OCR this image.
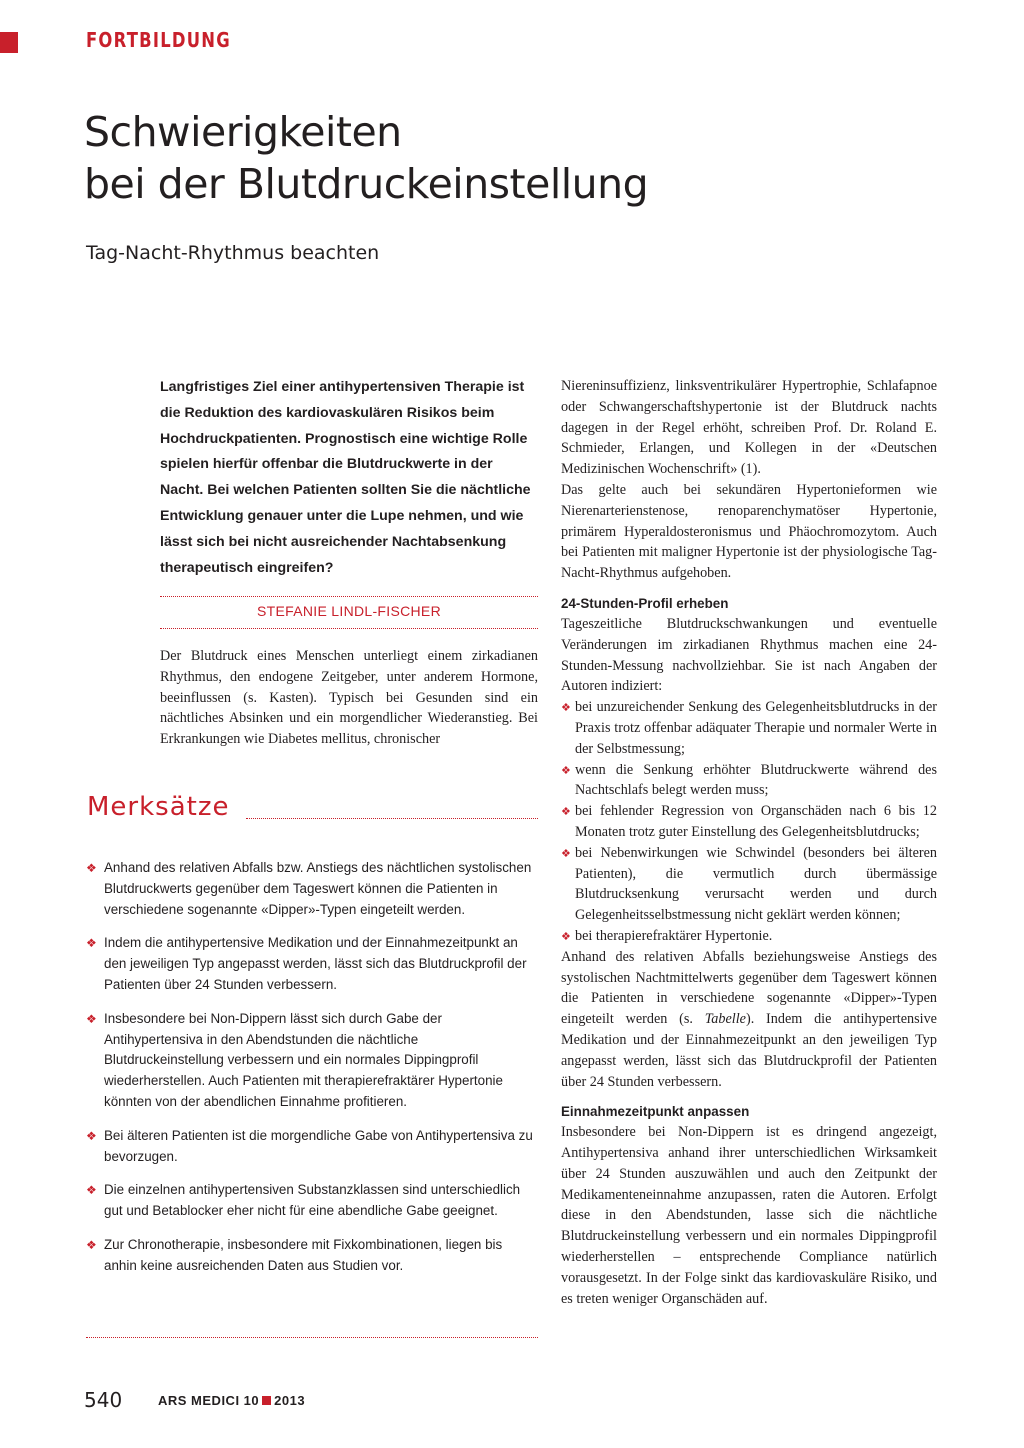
FORTBILDUNG
Schwierigkeiten
bei der Blutdruckeinstellung
Tag-Nacht-Rhythmus beachten

Langfristiges Ziel einer antihypertensiven Therapie ist die Reduktion des kardiovaskulären Risikos beim Hochdruckpatienten. Prognostisch eine wichtige Rolle spielen hierfür offenbar die Blutdruckwerte in der Nacht. Bei welchen Patienten sollten Sie die nächtliche Entwicklung genauer unter die Lupe nehmen, und wie lässt sich bei nicht ausreichender Nachtabsenkung therapeutisch eingreifen?

STEFANIE LINDL-FISCHER

Der Blutdruck eines Menschen unterliegt einem zirkadianen Rhythmus, den endogene Zeitgeber, unter anderem Hormone, beeinflussen (s. Kasten). Typisch bei Gesunden sind ein nächtliches Absinken und ein morgendlicher Wiederanstieg. Bei Erkrankungen wie Diabetes mellitus, chronischer

Merksätze
❖ Anhand des relativen Abfalls bzw. Anstiegs des nächtlichen systolischen Blutdruckwerts gegenüber dem Tageswert können die Patienten in verschiedene sogenannte «Dipper»-Typen eingeteilt werden.
❖ Indem die antihypertensive Medikation und der Einnahmezeitpunkt an den jeweiligen Typ angepasst werden, lässt sich das Blutdruckprofil der Patienten über 24 Stunden verbessern.
❖ Insbesondere bei Non-Dippern lässt sich durch Gabe der Antihypertensiva in den Abendstunden die nächtliche Blutdruckeinstellung verbessern und ein normales Dippingprofil wiederherstellen. Auch Patienten mit therapierefraktärer Hypertonie könnten von der abendlichen Einnahme profitieren.
❖ Bei älteren Patienten ist die morgendliche Gabe von Antihypertensiva zu bevorzugen.
❖ Die einzelnen antihypertensiven Substanzklassen sind unterschiedlich gut und Betablocker eher nicht für eine abendliche Gabe geeignet.
❖ Zur Chronotherapie, insbesondere mit Fixkombinationen, liegen bis anhin keine ausreichenden Daten aus Studien vor.

Niereninsuffizienz, linksventrikulärer Hypertrophie, Schlafapnoe oder Schwangerschaftshypertonie ist der Blutdruck nachts dagegen in der Regel erhöht, schreiben Prof. Dr. Roland E. Schmieder, Erlangen, und Kollegen in der «Deutschen Medizinischen Wochenschrift» (1).

Das gelte auch bei sekundären Hypertonieformen wie Nierenarterienstenose, renoparenchymatöser Hypertonie, primärem Hyperaldosteronismus und Phäochromozytom. Auch bei Patienten mit maligner Hypertonie ist der physiologische Tag-Nacht-Rhythmus aufgehoben.

24-Stunden-Profil erheben

Tageszeitliche Blutdruckschwankungen und eventuelle Veränderungen im zirkadianen Rhythmus machen eine 24-Stunden-Messung nachvollziehbar. Sie ist nach Angaben der Autoren indiziert:

❖ bei unzureichender Senkung des Gelegenheitsblutdrucks in der Praxis trotz offenbar adäquater Therapie und normaler Werte in der Selbstmessung;
❖ wenn die Senkung erhöhter Blutdruckwerte während des Nachtschlafs belegt werden muss;
❖ bei fehlender Regression von Organschäden nach 6 bis 12 Monaten trotz guter Einstellung des Gelegenheitsblutdrucks;
❖ bei Nebenwirkungen wie Schwindel (besonders bei älteren Patienten), die vermutlich durch übermässige Blutdrucksenkung verursacht werden und durch Gelegenheitsselbstmessung nicht geklärt werden können;
❖ bei therapierefraktärer Hypertonie.

Anhand des relativen Abfalls beziehungsweise Anstiegs des systolischen Nachtmittelwerts gegenüber dem Tageswert können die Patienten in verschiedene sogenannte «Dipper»-Typen eingeteilt werden (s. Tabelle). Indem die antihypertensive Medikation und der Einnahmezeitpunkt an den jeweiligen Typ angepasst werden, lässt sich das Blutdruckprofil der Patienten über 24 Stunden verbessern.

Einnahmezeitpunkt anpassen

Insbesondere bei Non-Dippern ist es dringend angezeigt, Antihypertensiva anhand ihrer unterschiedlichen Wirksamkeit über 24 Stunden auszuwählen und auch den Zeitpunkt der Medikamenteneinnahme anzupassen, raten die Autoren. Erfolgt diese in den Abendstunden, lasse sich die nächtliche Blutdruckeinstellung verbessern und ein normales Dippingprofil wiederherstellen – entsprechende Compliance natürlich vorausgesetzt. In der Folge sinkt das kardiovaskuläre Risiko, und es treten weniger Organschäden auf.

540	ARS MEDICI 10 2013
